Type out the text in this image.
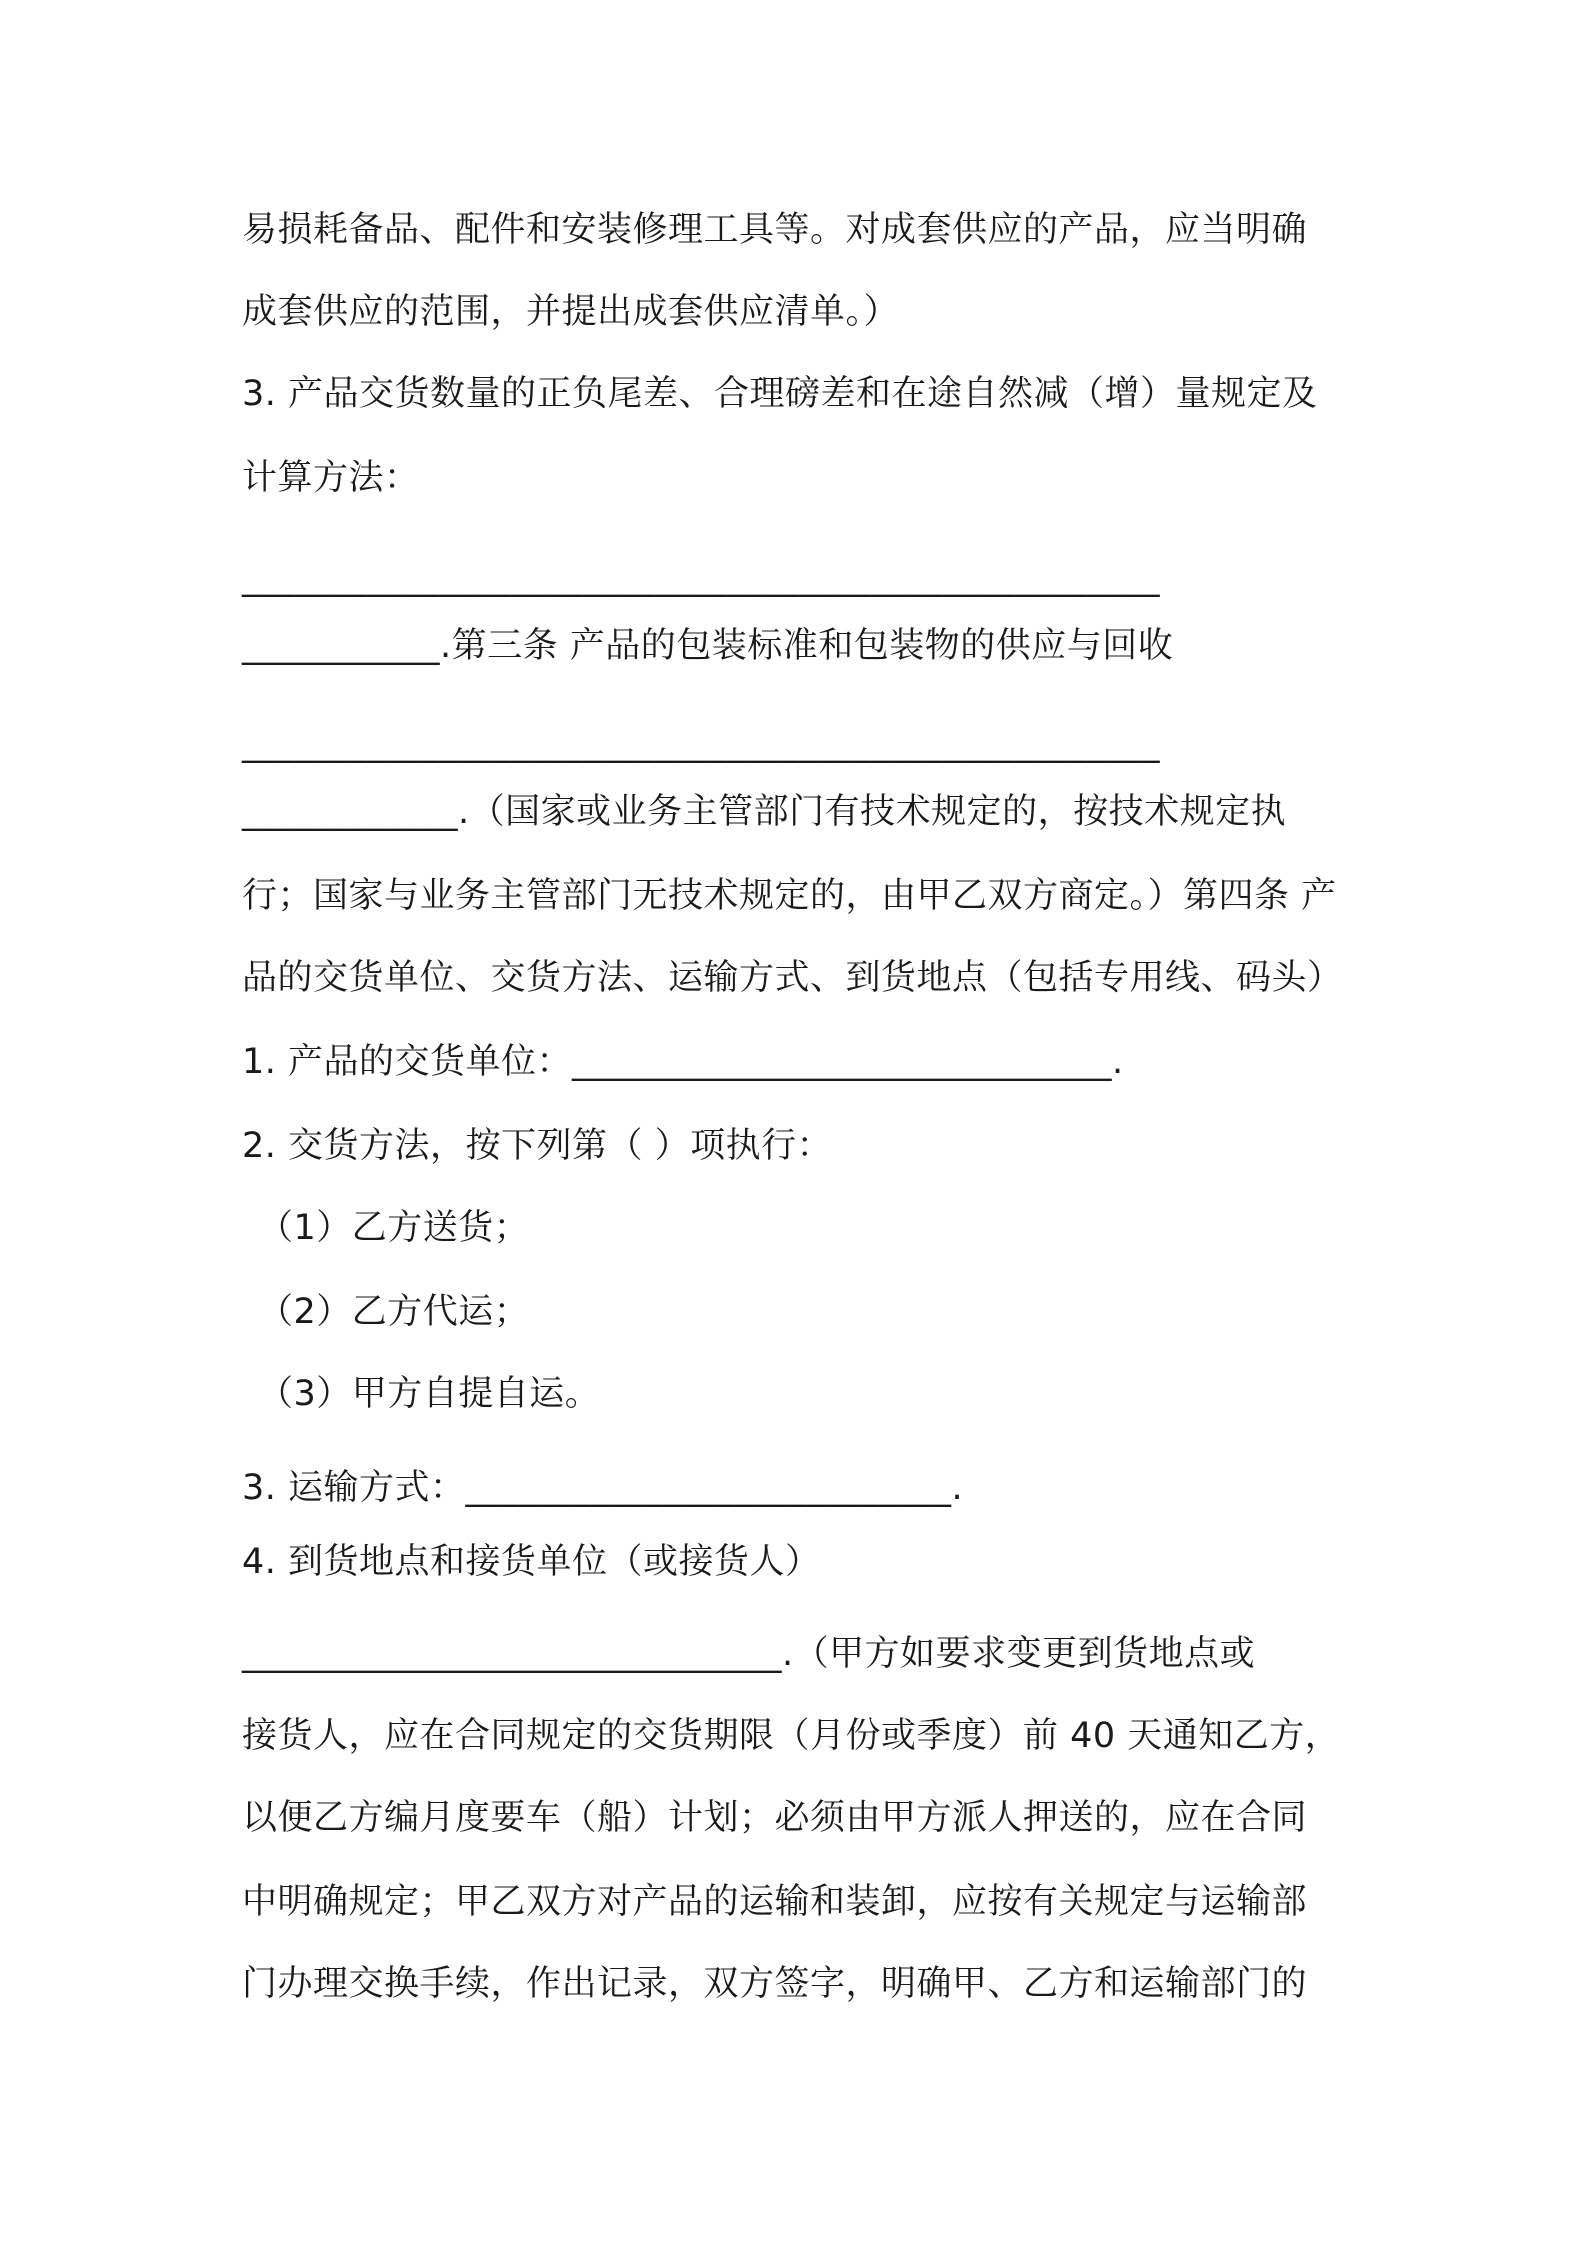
易损耗备品、配件和安装修理工具等。对成套供应的产品，应当明确
成套供应的范围，并提出成套供应清单。）
3. 产品交货数量的正负尾差、合理磅差和在途自然减（增）量规定及
计算方法：
___________________________________________________
___________.第三条 产品的包装标准和包装物的供应与回收
___________________________________________________
____________.（国家或业务主管部门有技术规定的，按技术规定执
行；国家与业务主管部门无技术规定的，由甲乙双方商定。）第四条 产
品的交货单位、交货方法、运输方式、到货地点（包括专用线、码头）
1. 产品的交货单位：______________________________.
2. 交货方法，按下列第（ ）项执行：
（1）乙方送货；
（2）乙方代运；
（3）甲方自提自运。
3. 运输方式：___________________________.
4. 到货地点和接货单位（或接货人）
______________________________.（甲方如要求变更到货地点或
接货人，应在合同规定的交货期限（月份或季度）前 40 天通知乙方，
以便乙方编月度要车（船）计划；必须由甲方派人押送的，应在合同
中明确规定；甲乙双方对产品的运输和装卸，应按有关规定与运输部
门办理交换手续，作出记录，双方签字，明确甲、乙方和运输部门的
